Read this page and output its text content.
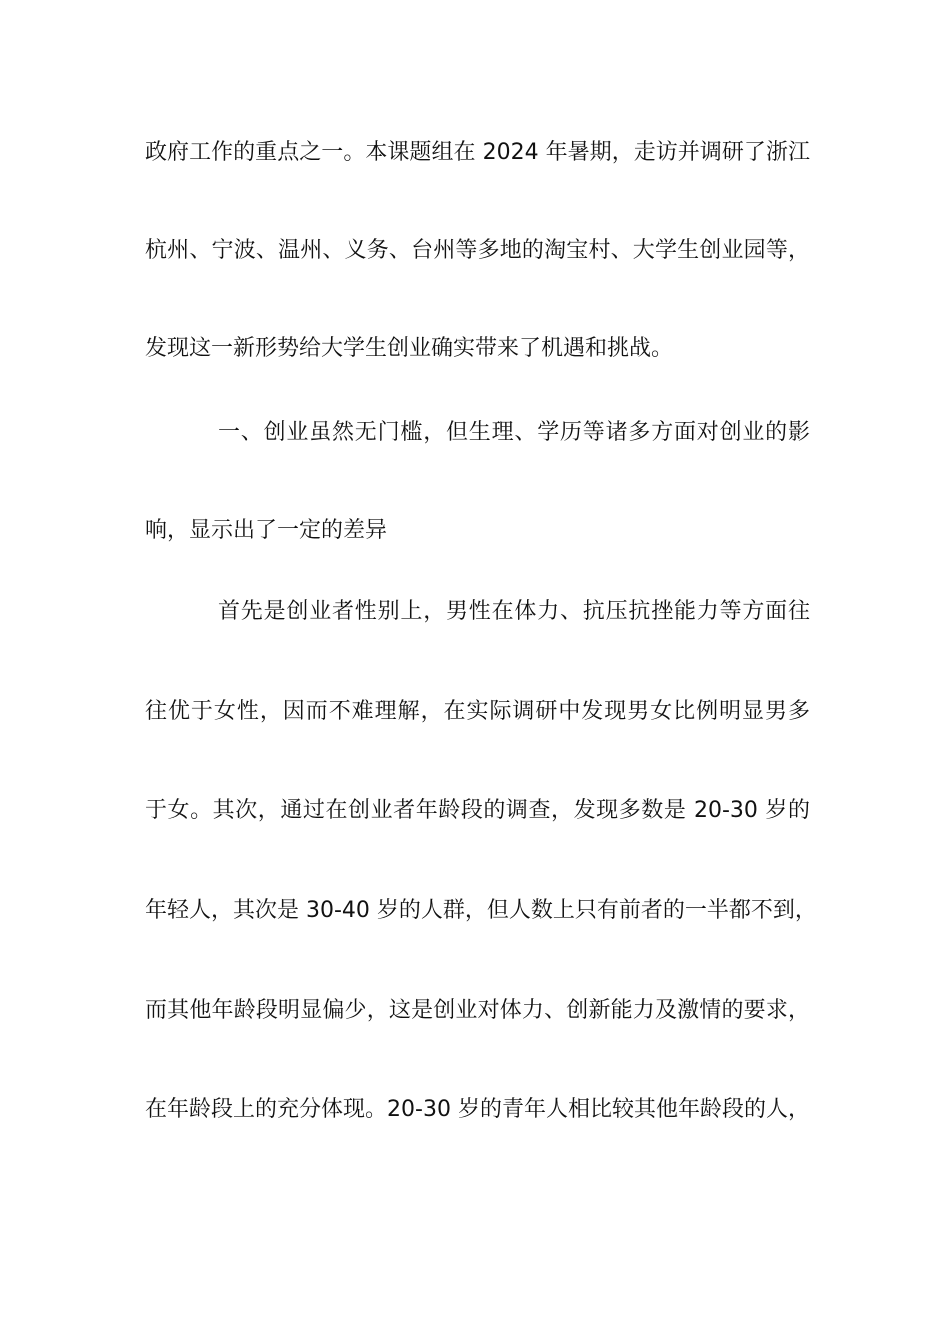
政府工作的重点之一。本课题组在 2024 年暑期，走访并调研了浙江
杭州、宁波、温州、义务、台州等多地的淘宝村、大学生创业园等，
发现这一新形势给大学生创业确实带来了机遇和挑战。
一、创业虽然无门槛，但生理、学历等诸多方面对创业的影
响，显示出了一定的差异
首先是创业者性别上，男性在体力、抗压抗挫能力等方面往
往优于女性，因而不难理解，在实际调研中发现男女比例明显男多
于女。其次，通过在创业者年龄段的调查，发现多数是 20-30 岁的
年轻人，其次是 30-40 岁的人群，但人数上只有前者的一半都不到，
而其他年龄段明显偏少，这是创业对体力、创新能力及激情的要求，
在年龄段上的充分体现。20-30 岁的青年人相比较其他年龄段的人，
